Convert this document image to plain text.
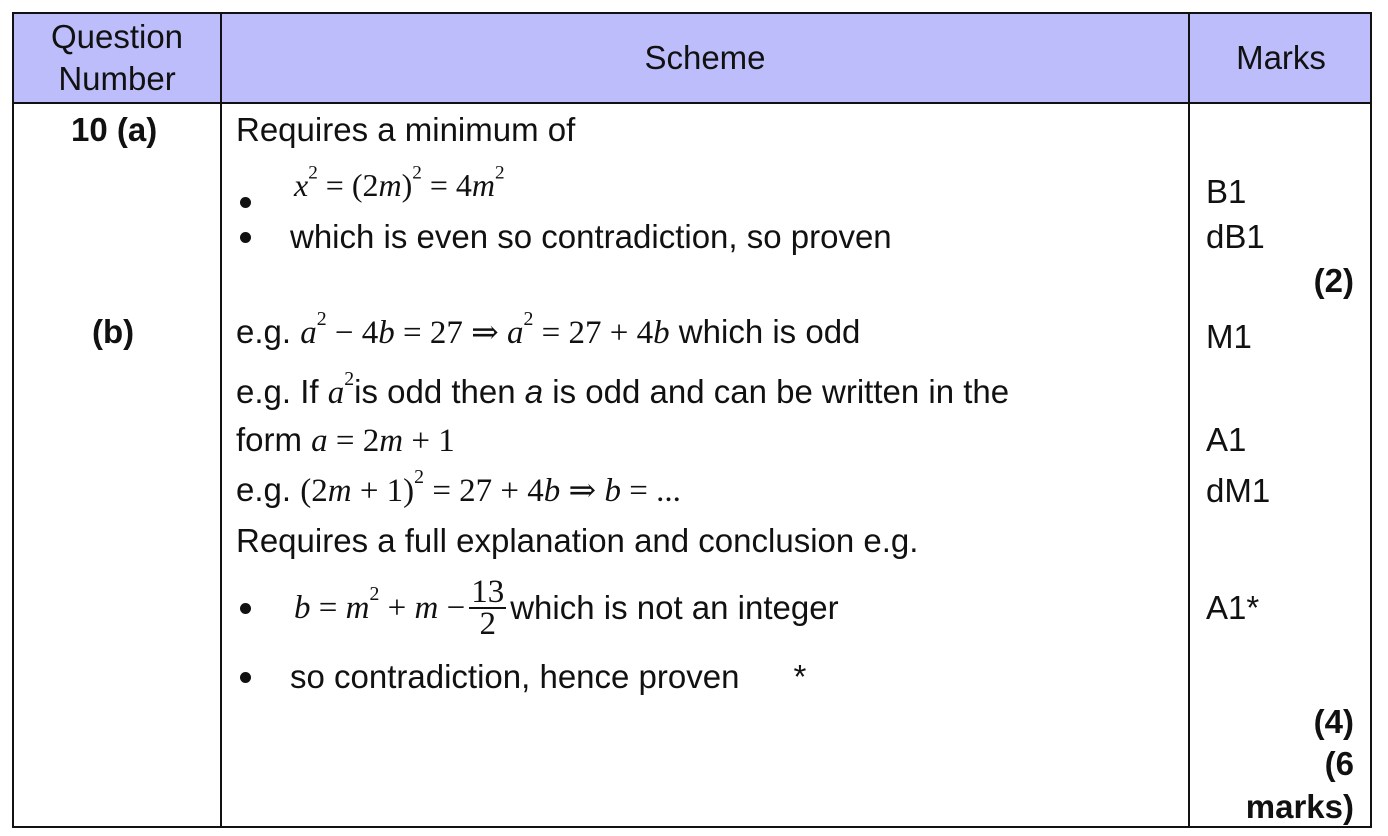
Question
Number
Scheme	Marks
10 (a)
(b)
Requires a minimum of
$x^2 = (2m)^2 = 4m^2$
which is even so contradiction, so proven
e.g. $a^2 - 4b = 27$ ⇒ $a^2 = 27 + 4b$ which is odd
e.g. If $a^2is$ odd then a is odd and can be written in the
form a = 2m + 1
e.g. $(2m + 1)^2 = 27 + 4b$ ⇒ b = ...
Requires a full explanation and conclusion e.g.
$b = m^2 + m - \frac{13}{2}$ which is not an integer
so contradiction, hence proven *
B1
dB1
(2)
M1
A1
dM1
A1*
(4)
(6
marks)
